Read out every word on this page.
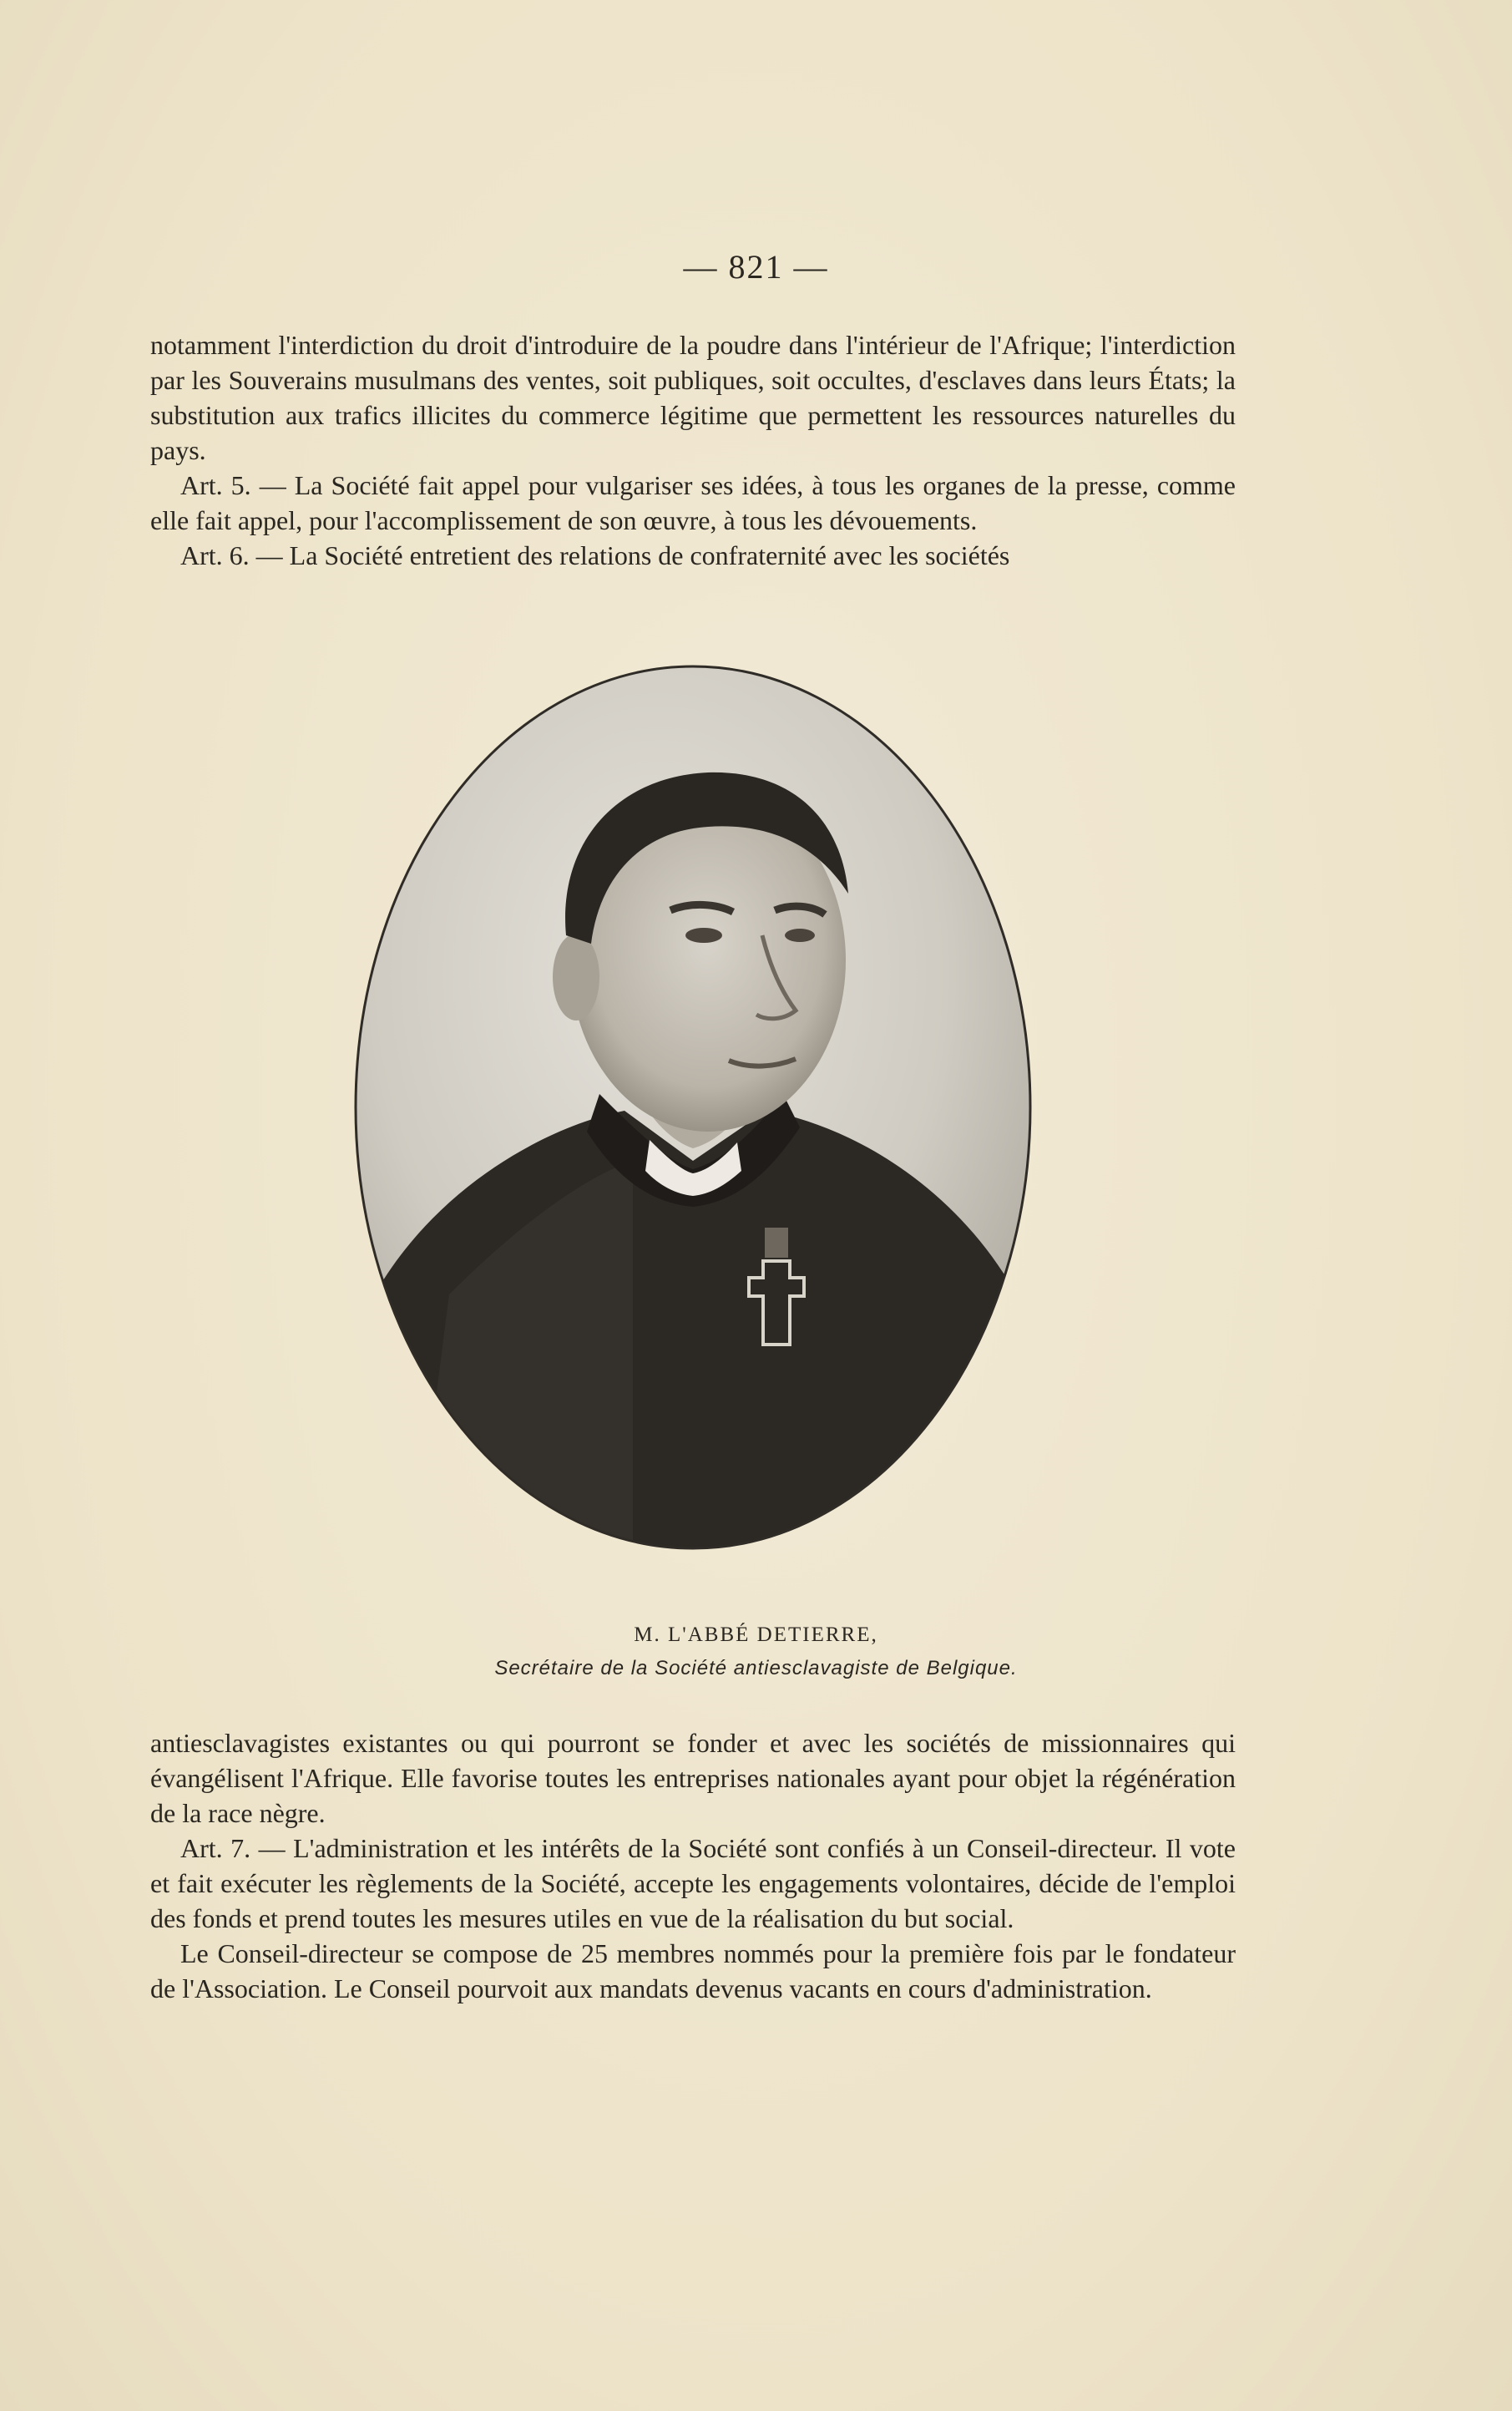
— 821 —

notamment l'interdiction du droit d'introduire de la poudre dans l'intérieur de l'Afrique; l'interdiction par les Souverains musulmans des ventes, soit publiques, soit occultes, d'esclaves dans leurs États; la substitution aux trafics illicites du commerce légitime que permettent les ressources naturelles du pays.

Art. 5. — La Société fait appel pour vulgariser ses idées, à tous les organes de la presse, comme elle fait appel, pour l'accomplissement de son œuvre, à tous les dévouements.

Art. 6. — La Société entretient des relations de confraternité avec les sociétés

M. L'ABBÉ DETIERRE,
Secrétaire de la Société antiesclavagiste de Belgique.

antiesclavagistes existantes ou qui pourront se fonder et avec les sociétés de missionnaires qui évangélisent l'Afrique. Elle favorise toutes les entreprises nationales ayant pour objet la régénération de la race nègre.

Art. 7. — L'administration et les intérêts de la Société sont confiés à un Conseil-directeur. Il vote et fait exécuter les règlements de la Société, accepte les engagements volontaires, décide de l'emploi des fonds et prend toutes les mesures utiles en vue de la réalisation du but social.

Le Conseil-directeur se compose de 25 membres nommés pour la première fois par le fondateur de l'Association. Le Conseil pourvoit aux mandats devenus vacants en cours d'administration.
